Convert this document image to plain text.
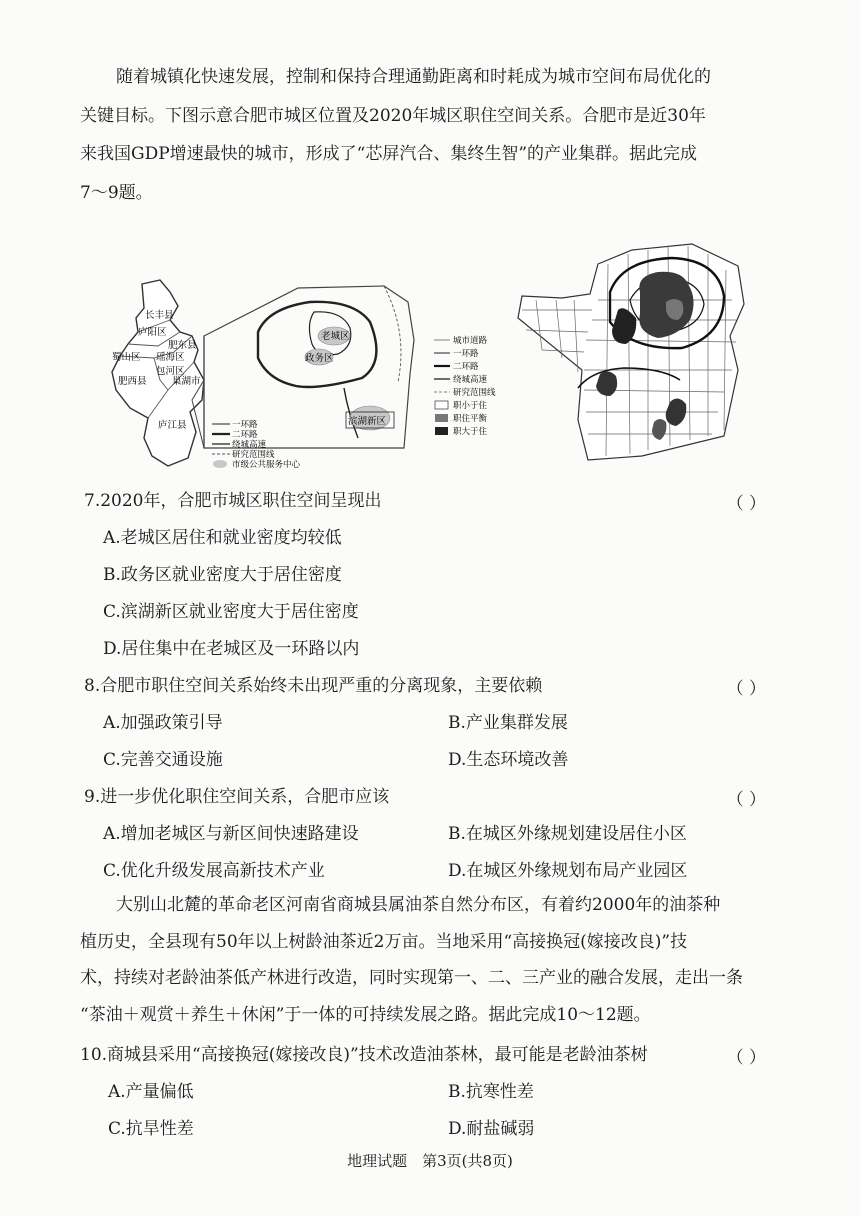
随着城镇化快速发展，控制和保持合理通勤距离和时耗成为城市空间布局优化的
关键目标。下图示意合肥市城区位置及2020年城区职住空间关系。合肥市是近30年
来我国GDP增速最快的城市，形成了“芯屏汽合、集终生智”的产业集群。据此完成
7～9题。
长丰县
庐阳区
肥东县
瑶海区
蜀山区
包河区
肥西县	巢湖市
庐江县
老城区
政务区
滨湖新区
一环路
二环路
绕城高速
研究范围线
市级公共服务中心
城市道路
一环路
二环路
绕城高速
研究范围线
职小于住
职住平衡
职大于住
7.2020年，合肥市城区职住空间呈现出	（ ）
A.老城区居住和就业密度均较低
B.政务区就业密度大于居住密度
C.滨湖新区就业密度大于居住密度
D.居住集中在老城区及一环路以内
8.合肥市职住空间关系始终未出现严重的分离现象，主要依赖	（ ）
A.加强政策引导	B.产业集群发展
C.完善交通设施	D.生态环境改善
9.进一步优化职住空间关系，合肥市应该	（ ）
A.增加老城区与新区间快速路建设	B.在城区外缘规划建设居住小区
C.优化升级发展高新技术产业	D.在城区外缘规划布局产业园区
大别山北麓的革命老区河南省商城县属油茶自然分布区，有着约2000年的油茶种
植历史，全县现有50年以上树龄油茶近2万亩。当地采用“高接换冠(嫁接改良)”技
术，持续对老龄油茶低产林进行改造，同时实现第一、二、三产业的融合发展，走出一条
“茶油＋观赏＋养生＋休闲”于一体的可持续发展之路。据此完成10～12题。
10.商城县采用“高接换冠(嫁接改良)”技术改造油茶林，最可能是老龄油茶树	（ ）
A.产量偏低	B.抗寒性差
C.抗旱性差	D.耐盐碱弱
地理试题　第3页(共8页)
